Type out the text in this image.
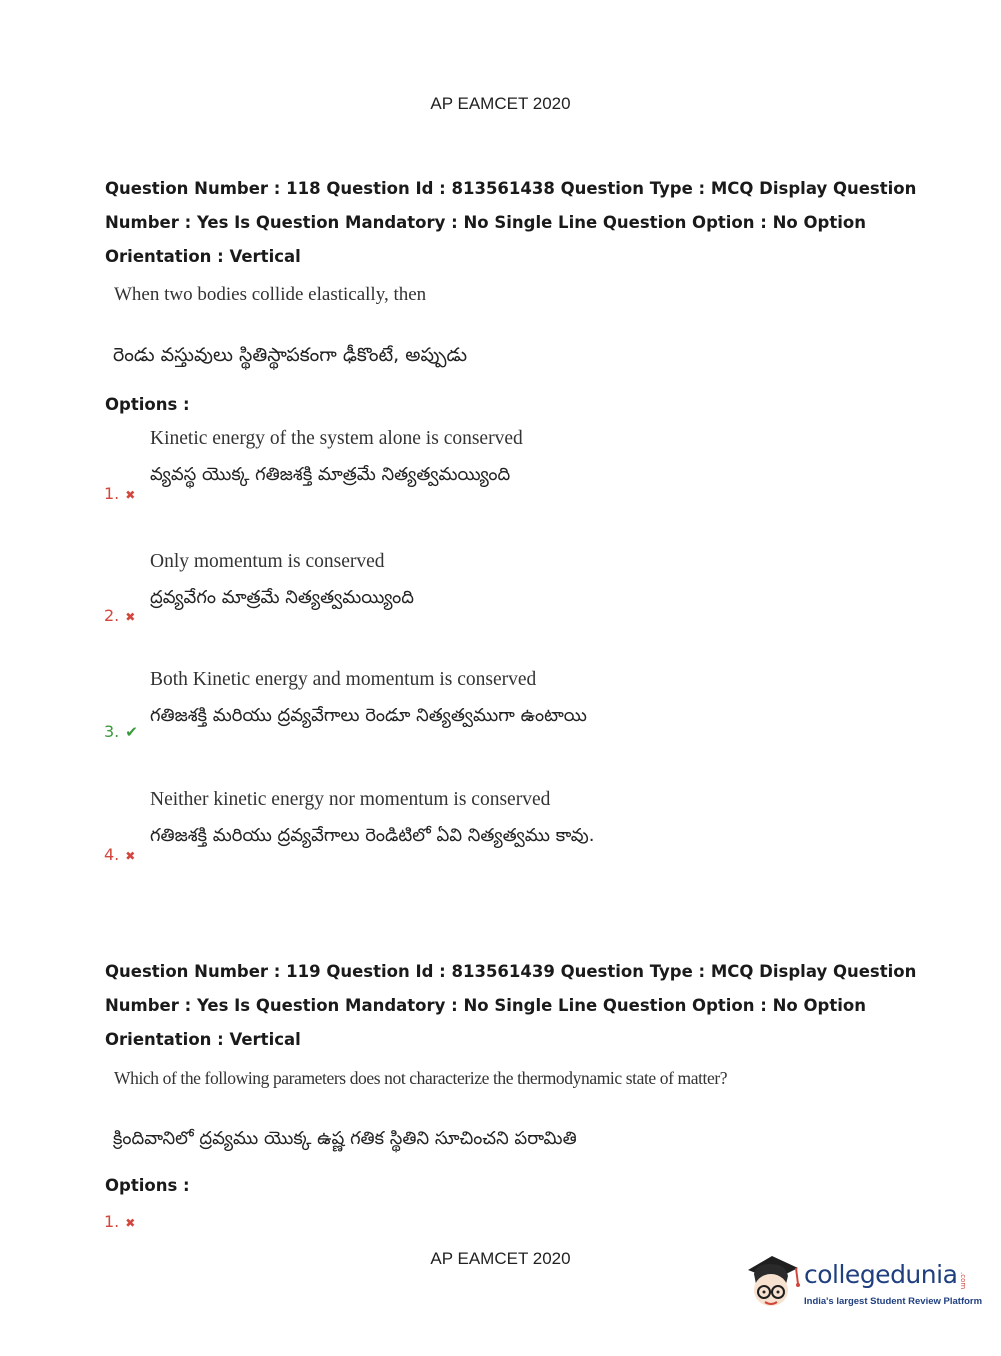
AP EAMCET 2020
Question Number : 118 Question Id : 813561438 Question Type : MCQ Display Question
Number : Yes Is Question Mandatory : No Single Line Question Option : No Option
Orientation : Vertical
When two bodies collide elastically, then
రెండు వస్తువులు స్థితిస్థాపకంగా ఢీకొంటే, అప్పుడు
Options :
Kinetic energy of the system alone is conserved
వ్యవస్థ యొక్క గతిజశక్తి మాత్రమే నిత్యత్వమయ్యింది
1. ✖
Only momentum is conserved
ద్రవ్యవేగం మాత్రమే నిత్యత్వమయ్యింది
2. ✖
Both Kinetic energy and momentum is conserved
గతిజశక్తి మరియు ద్రవ్యవేగాలు రెండూ నిత్యత్వముగా ఉంటాయి
3. ✔
Neither kinetic energy nor momentum is conserved
గతిజశక్తి మరియు ద్రవ్యవేగాలు రెండిటిలో ఏవి నిత్యత్వము కావు.
4. ✖
Question Number : 119 Question Id : 813561439 Question Type : MCQ Display Question
Number : Yes Is Question Mandatory : No Single Line Question Option : No Option
Orientation : Vertical
Which of the following parameters does not characterize the thermodynamic state of matter?
క్రిందివానిలో ద్రవ్యము యొక్క ఉష్ణ గతిక స్థితిని సూచించని పరామితి
Options :
1. ✖
AP EAMCET 2020
collegedunia .com
India's largest Student Review Platform
